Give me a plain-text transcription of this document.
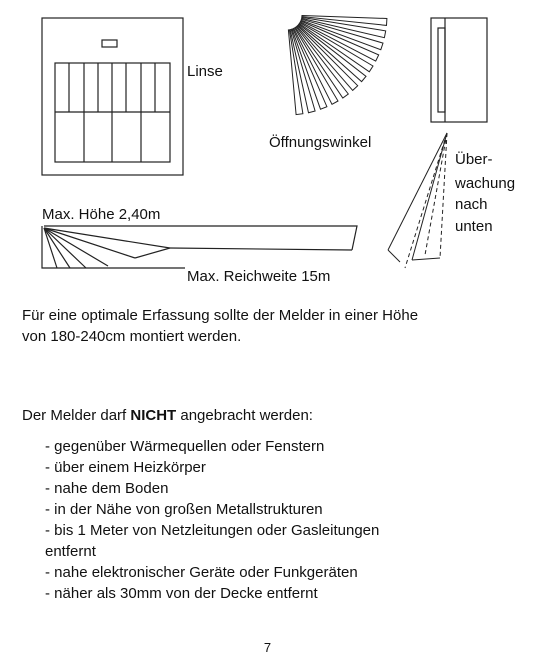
Linse
Öffnungswinkel
Über-
wachung
nach
unten
Max. Höhe 2,40m
Max. Reichweite 15m
Für eine optimale Erfassung sollte der Melder in einer Höhe
von 180-240cm montiert werden.
Der Melder darf NICHT angebracht werden:
- gegenüber Wärmequellen oder Fenstern
- über einem Heizkörper
- nahe dem Boden
- in der Nähe von großen Metallstrukturen
- bis 1 Meter von Netzleitungen oder Gasleitungen
entfernt
- nahe elektronischer Geräte oder Funkgeräten
- näher als 30mm von der Decke entfernt
7
